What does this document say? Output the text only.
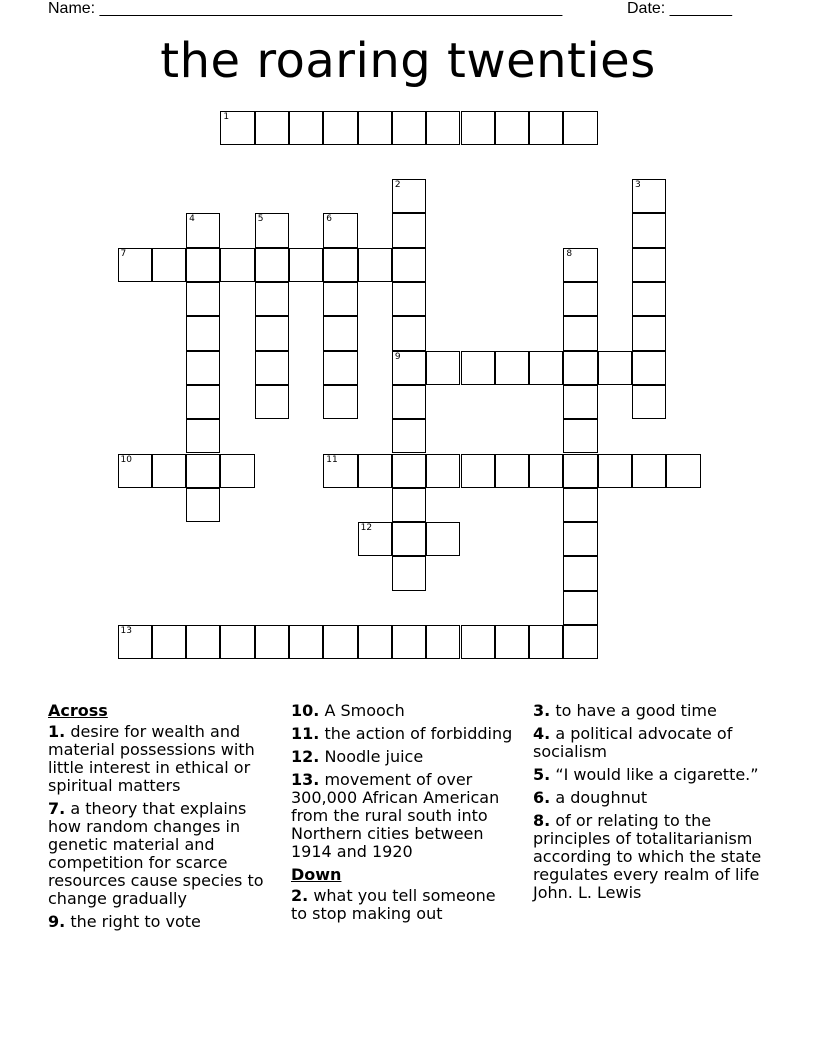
Name: ____________________________________________________	Date: _______
the roaring twenties
1
7
9
10	11
12
13
2	3
4	5	6
8
Across
1. desire for wealth and material possessions with little interest in ethical or spiritual matters
7. a theory that explains how random changes in genetic material and competition for scarce resources cause species to change gradually
9. the right to vote
10. A Smooch
11. the action of forbidding
12. Noodle juice
13. movement of over 300,000 African American from the rural south into Northern cities between 1914 and 1920
Down
2. what you tell someone to stop making out
3. to have a good time
4. a political advocate of socialism
5. “I would like a cigarette.”
6. a doughnut
8. of or relating to the principles of totalitarianism according to which the state regulates every realm of life John. L. Lewis
